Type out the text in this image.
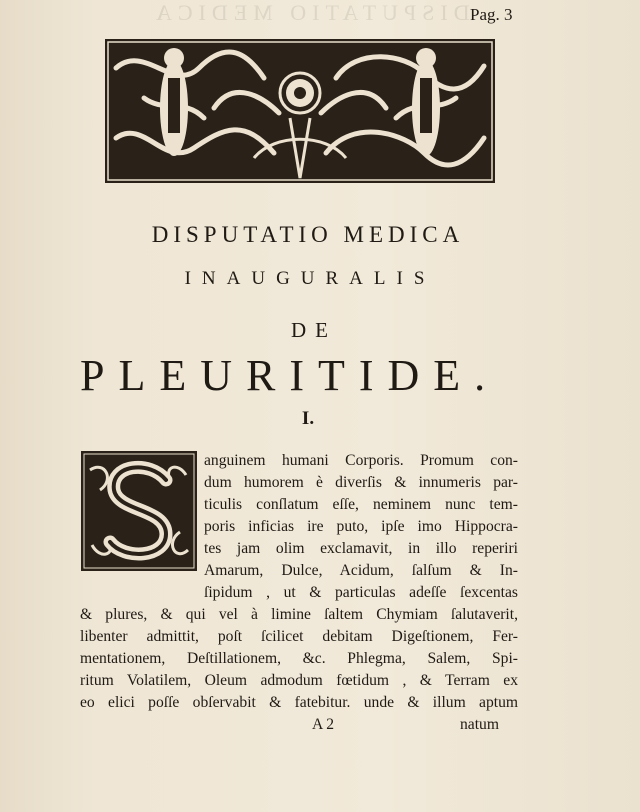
DISPUTATIO MEDICA Pag. 3
DISPUTATIO MEDICA
INAUGURALIS
DE
PLEURITIDE.
I.
anguinem humani Corporis. Promum con-
dum humorem è diverſis & innumeris par-
ticulis conſlatum eſſe, neminem nunc tem-
poris inficias ire puto, ipſe imo Hippocra-
tes jam olim exclamavit, in illo reperiri
Amarum, Dulce, Acidum, ſalſum & In-
ſipidum , ut & particulas adeſſe ſexcentas
& plures, & qui vel à limine ſaltem Chymiam ſalutaverit,
libenter admittit, poſt ſcilicet debitam Digeſtionem, Fer-
mentationem, Deſtillationem, &c. Phlegma, Salem, Spi-
ritum Volatilem, Oleum admodum fœtidum , & Terram ex
eo elici poſſe obſervabit & fatebitur. unde & illum aptum
A 2	natum
